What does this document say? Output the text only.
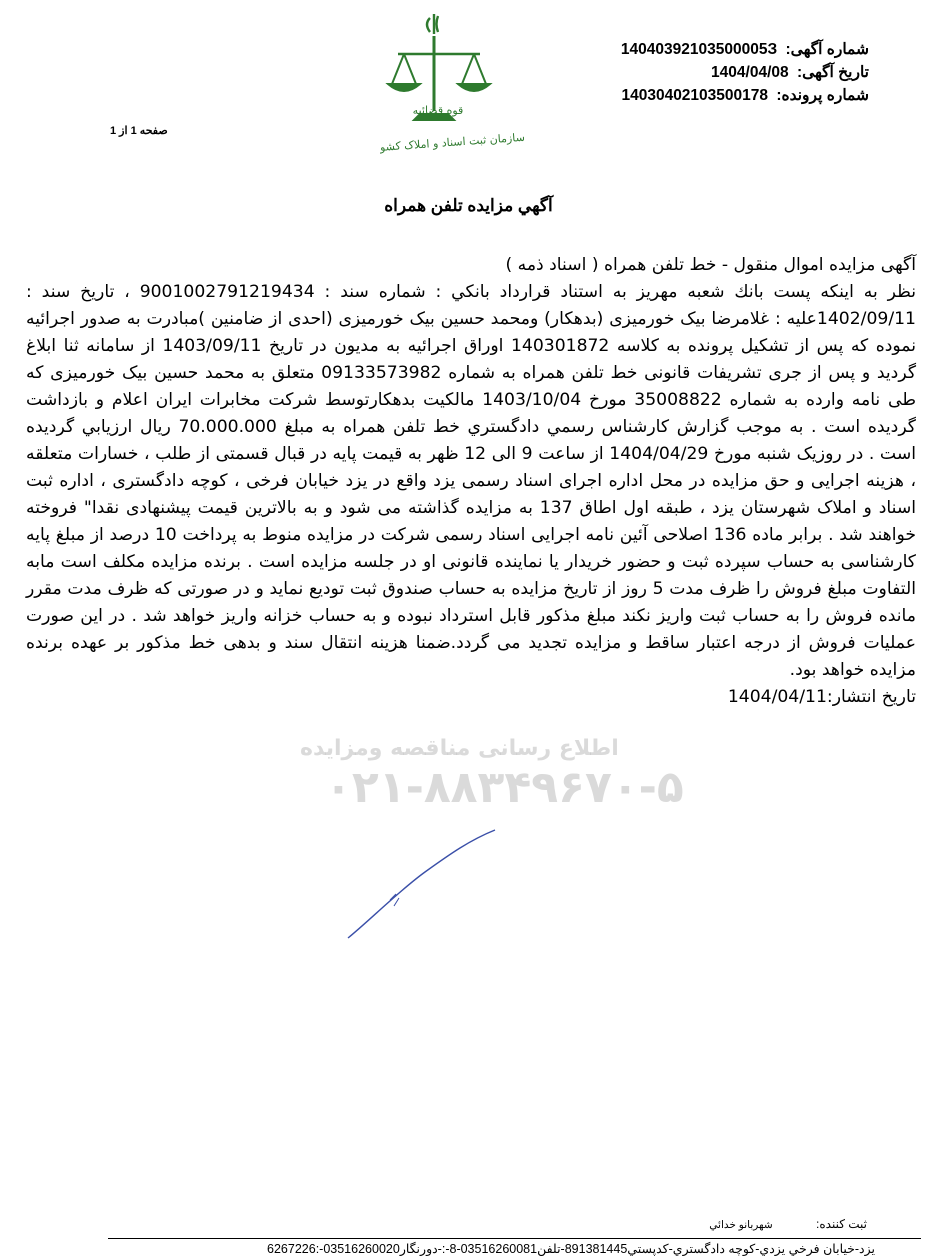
شماره آگهی: 14040392103500005З
تاریخ آگهی: 1404/04/08
شماره پرونده: 14030402103500178
قوه قضائیه
سازمان ثبت اسناد و املاک کشور
صفحه 1 از 1
آگهي مزايده تلفن همراه

آگهی مزایده اموال منقول - خط تلفن همراه ( اسناد ذمه )

نظر به اینکه پست بانك شعبه مهريز به استناد قرارداد بانكي : شماره سند : 9001002791219434 ، تاريخ سند : 1402/09/11عليه : غلامرضا بیک خورمیزی (بدهکار) ومحمد حسین بیک خورمیزی (احدی از ضامنین )مبادرت به صدور اجرائیه نموده که پس از تشکیل پرونده به کلاسه 140301872 اوراق اجرائیه به مدیون در تاریخ 1403/09/11 از سامانه ثنا ابلاغ گردید و پس از جری تشریفات قانونی خط تلفن همراه به شماره 09133573982 متعلق به محمد حسین بیک خورمیزی که طی نامه وارده به شماره 35008822 مورخ 1403/10/04 مالکیت بدهکارتوسط شرکت مخابرات ایران اعلام و بازداشت گردیده است . به موجب گزارش كارشناس رسمي دادگستري خط تلفن همراه به مبلغ 70.000.000 ريال ارزيابي گرديده است . در روزیک شنبه مورخ 1404/04/29 از ساعت 9 الی 12 ظهر به قیمت پایه در قبال قسمتی از طلب ، خسارات متعلقه ، هزینه اجرایی و حق مزایده در محل اداره اجرای اسناد رسمی یزد واقع در یزد خیابان فرخی ، کوچه دادگستری ، اداره ثبت اسناد و املاک شهرستان یزد ، طبقه اول اطاق 137 به مزایده گذاشته می شود و به بالاترین قیمت پیشنهادی نقدا" فروخته خواهند شد . برابر ماده 136 اصلاحی آئین نامه اجرایی اسناد رسمی شرکت در مزایده منوط به پرداخت 10 درصد از مبلغ پایه کارشناسی به حساب سپرده ثبت و حضور خریدار یا نماینده قانونی او در جلسه مزایده است . برنده مزایده مکلف است مابه التفاوت مبلغ فروش را ظرف مدت 5 روز از تاریخ مزایده به حساب صندوق ثبت تودیع نماید و در صورتی که ظرف مدت مقرر مانده فروش را به حساب ثبت واریز نکند مبلغ مذکور قابل استرداد نبوده و به حساب خزانه واریز خواهد شد . در این صورت عملیات فروش از درجه اعتبار ساقط و مزایده تجدید می گردد.ضمنا هزینه انتقال سند و بدهی خط مذکور بر عهده برنده مزایده خواهد بود.

تاریخ انتشار:1404/04/11

اطلاع رسانی مناقصه ومزایده
۰۲۱-۸۸۳۴۹۶۷۰-۵
ثبت کننده: شهربانو خدائي
يزد-خيابان فرخي يزدي-كوچه دادگستري-كدپستي891381445-تلفن03516260081-8-:-دورنگار03516260020-:6267226
